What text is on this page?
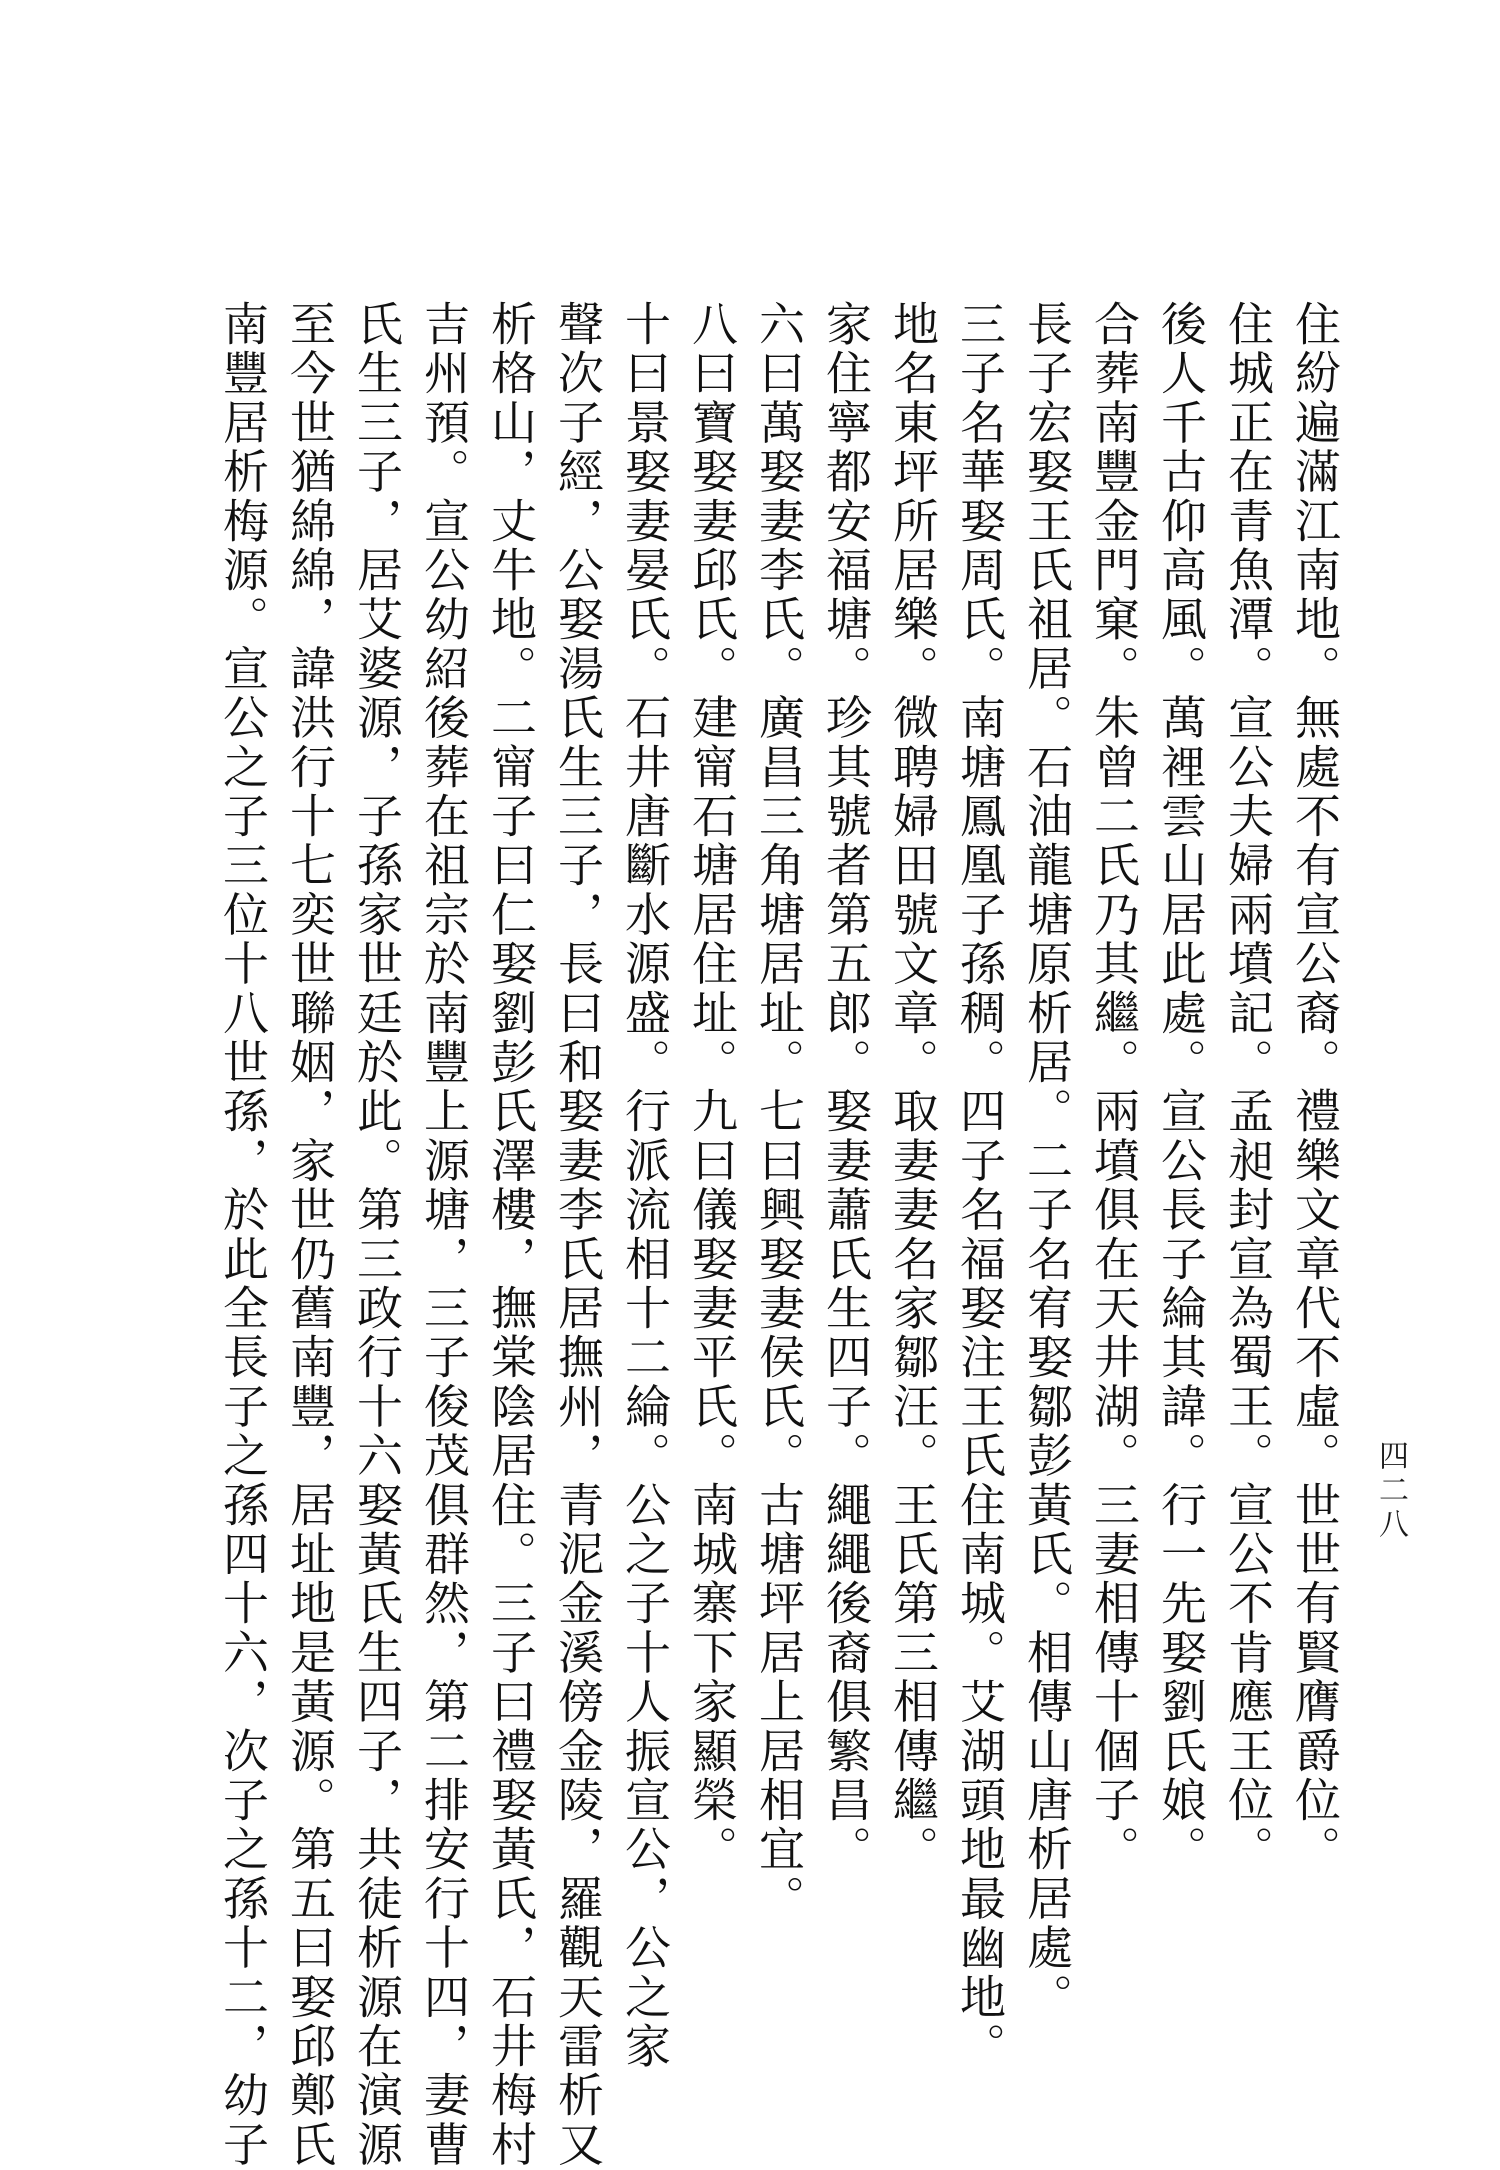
四二八
住紛遍滿江南地。無處不有宣公裔。禮樂文章代不虛。世世有賢膺爵位。
住城正在青魚潭。宣公夫婦兩墳記。孟昶封宣為蜀王。宣公不肯應王位。
後人千古仰高風。萬裡雲山居此處。宣公長子綸其諱。行一先娶劉氏娘。
合葬南豐金門窠。朱曾二氏乃其繼。兩墳俱在天井湖。三妻相傳十個子。
長子宏娶王氏祖居。石油龍塘原析居。二子名宥娶鄒彭黃氏。相傳山唐析居處。
三子名華娶周氏。南塘鳳凰子孫稠。四子名福娶注王氏住南城。艾湖頭地最幽地。
地名東坪所居樂。微聘婦田號文章。取妻妻名家鄒汪。王氏第三相傳繼。
家住寧都安福塘。珍其號者第五郎。娶妻蕭氏生四子。繩繩後裔俱繁昌。
六曰萬娶妻李氏。廣昌三角塘居址。七曰興娶妻侯氏。古塘坪居上居相宜。
八曰寶娶妻邱氏。建甯石塘居住址。九曰儀娶妻平氏。南城寨下家顯榮。
十曰景娶妻晏氏。石井唐斷水源盛。行派流相十二綸。公之子十人振宣公，公之家
聲次子經，公娶湯氏生三子，長曰和娶妻李氏居撫州，青泥金溪傍金陵，羅觀天雷析又
析格山，丈牛地。二甯子曰仁娶劉彭氏澤樓，撫棠陰居住。三子曰禮娶黃氏，石井梅村
吉州預。宣公幼紹後葬在祖宗於南豐上源塘，三子俊茂俱群然，第二排安行十四，妻曹
氏生三子，居艾婆源，子孫家世廷於此。第三政行十六娶黃氏生四子，共徒析源在演源
至今世猶綿綿，諱洪行十七奕世聯姻，家世仍舊南豐，居址地是黃源。第五曰娶邱鄭氏
南豐居析梅源。宣公之子三位十八世孫，於此全長子之孫四十六，次子之孫十二，幼子
